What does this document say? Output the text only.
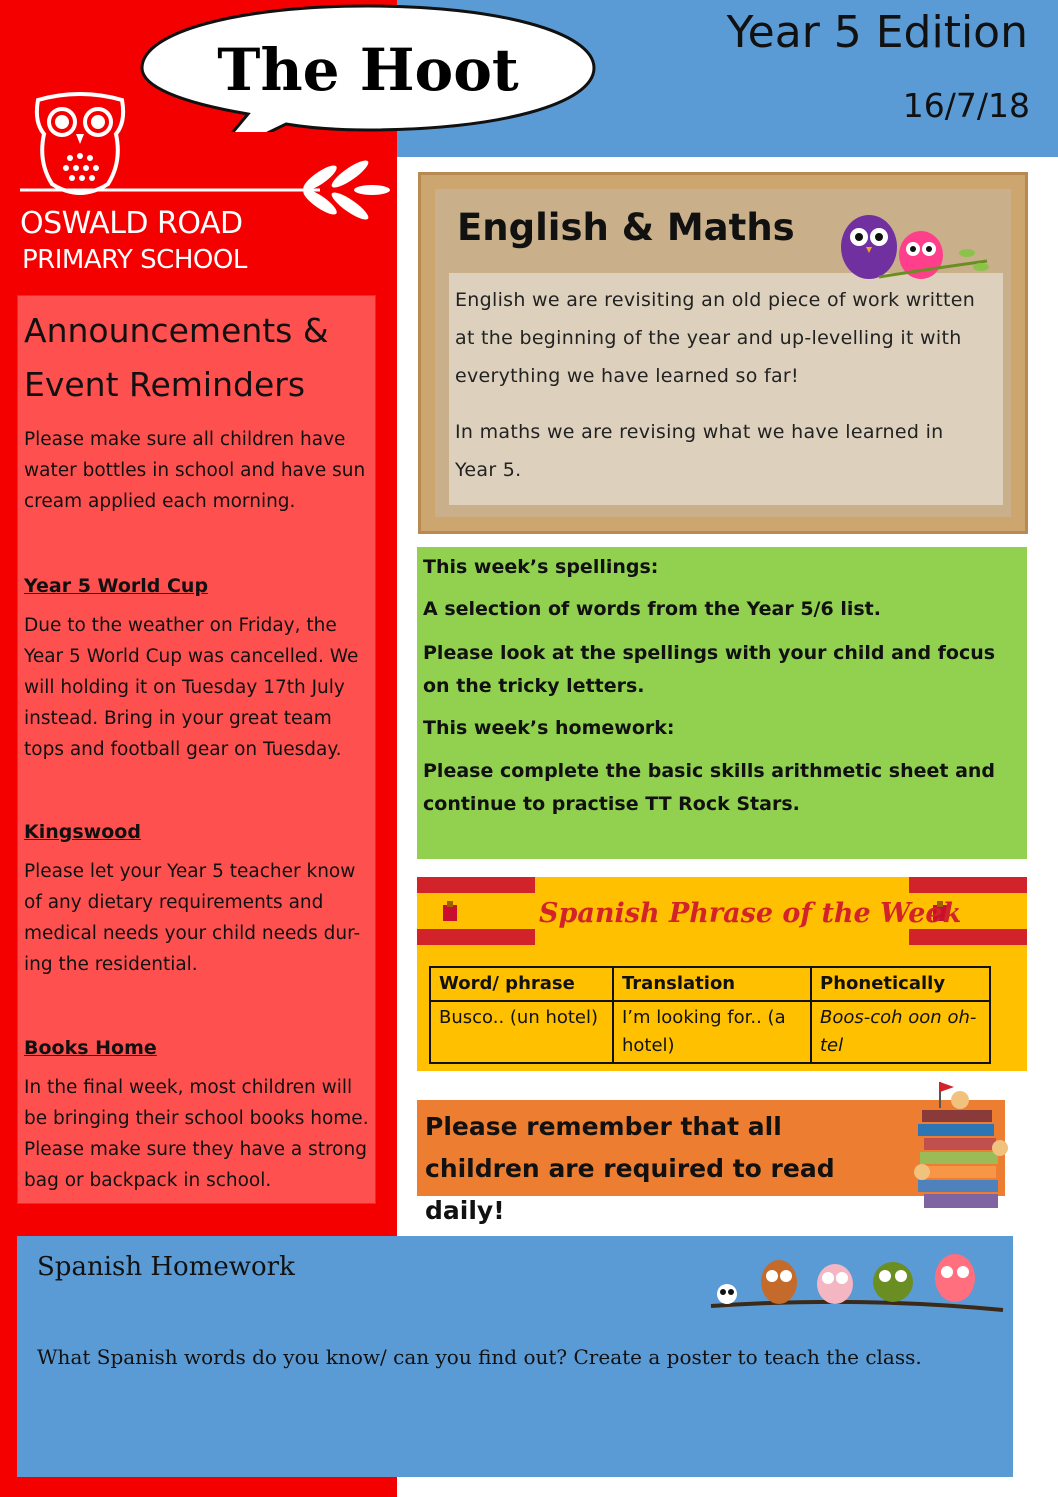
Year 5 Edition
16/7/18
The Hoot
OSWALD ROAD
PRIMARY SCHOOL
Announcements & Event Reminders
Please make sure all children have water bottles in school and have sun cream applied each morning.
Year 5 World Cup
Due to the weather on Friday, the Year 5 World Cup was cancelled. We will holding it on Tuesday 17th July instead. Bring in your great team tops and football gear on Tuesday.
Kingswood
Please let your Year 5 teacher know of any dietary requirements and medical needs your child needs dur-ing the residential.
Books Home
In the final week, most children will be bringing their school books home. Please make sure they have a strong bag or backpack in school.
English & Maths
English we are revisiting an old piece of work written at the beginning of the year and up-levelling it with everything we have learned so far!
In maths we are revising what we have learned in Year 5.
This week’s spellings:
A selection of words from the Year 5/6 list.
Please look at the spellings with your child and focus on the tricky letters.
This week’s homework:
Please complete the basic skills arithmetic sheet and continue to practise TT Rock Stars.
Spanish Phrase of the Week
Word/ phrase	Translation	Phonetically
Busco.. (un hotel)	I’m looking for.. (a hotel)	Boos-coh oon oh-tel
Please remember that all children are required to read daily!
Spanish Homework
What Spanish words do you know/ can you find out? Create a poster to teach the class.
